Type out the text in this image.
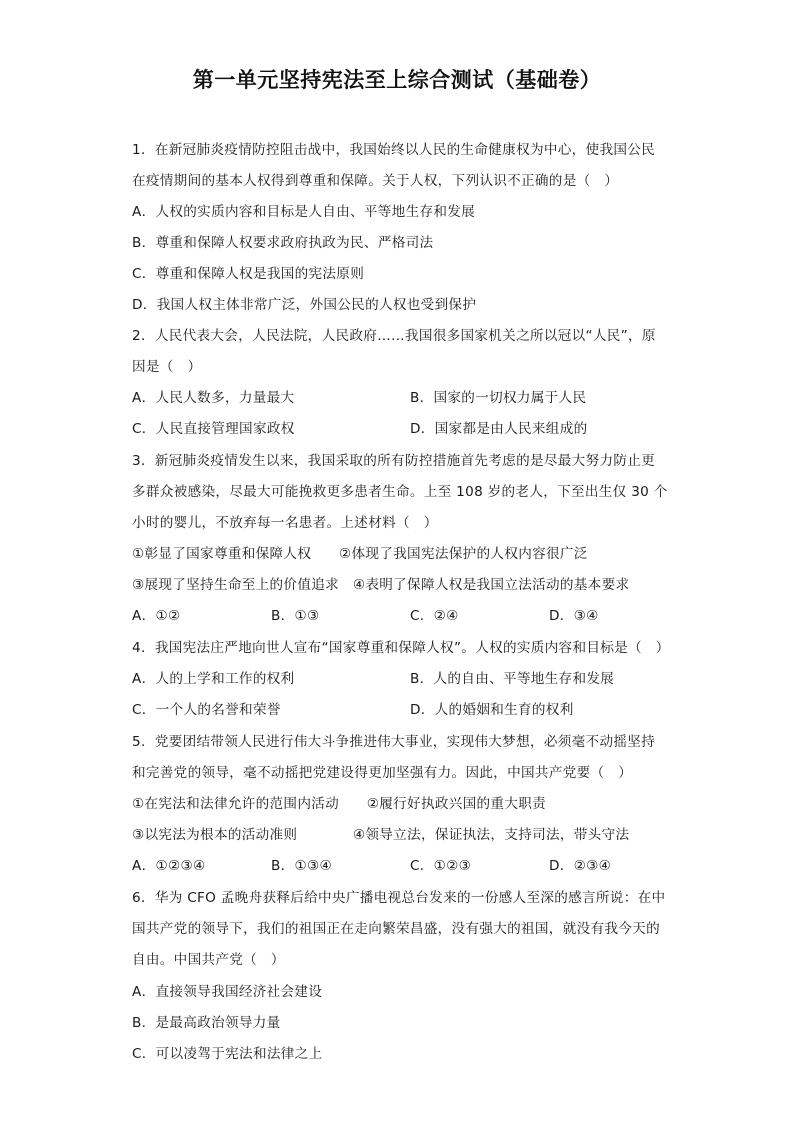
第一单元坚持宪法至上综合测试（基础卷）
1．在新冠肺炎疫情防控阻击战中，我国始终以人民的生命健康权为中心，使我国公民
在疫情期间的基本人权得到尊重和保障。关于人权，下列认识不正确的是（　）
A．人权的实质内容和目标是人自由、平等地生存和发展
B．尊重和保障人权要求政府执政为民、严格司法
C．尊重和保障人权是我国的宪法原则
D．我国人权主体非常广泛，外国公民的人权也受到保护
2．人民代表大会，人民法院，人民政府……我国很多国家机关之所以冠以“人民”，原
因是（　）
A．人民人数多，力量最大	B．国家的一切权力属于人民
C．人民直接管理国家政权	D．国家都是由人民来组成的
3．新冠肺炎疫情发生以来，我国采取的所有防控措施首先考虑的是尽最大努力防止更
多群众被感染，尽最大可能挽救更多患者生命。上至 108 岁的老人，下至出生仅 30 个
小时的婴儿，不放弃每一名患者。上述材料（　）
①彰显了国家尊重和保障人权　　②体现了我国宪法保护的人权内容很广泛
③展现了坚持生命至上的价值追求　④表明了保障人权是我国立法活动的基本要求
A．①②	B．①③	C．②④	D．③④
4．我国宪法庄严地向世人宣布“国家尊重和保障人权”。人权的实质内容和目标是（　）
A．人的上学和工作的权利	B．人的自由、平等地生存和发展
C．一个人的名誉和荣誉	D．人的婚姻和生育的权利
5．党要团结带领人民进行伟大斗争推进伟大事业，实现伟大梦想，必须毫不动摇坚持
和完善党的领导，毫不动摇把党建设得更加坚强有力。因此，中国共产党要（　）
①在宪法和法律允许的范围内活动　　②履行好执政兴国的重大职责
③以宪法为根本的活动准则　　　　④领导立法，保证执法，支持司法，带头守法
A．①②③④	B．①③④	C．①②③	D．②③④
6．华为 CFO 孟晚舟获释后给中央广播电视总台发来的一份感人至深的感言所说：在中
国共产党的领导下，我们的祖国正在走向繁荣昌盛，没有强大的祖国，就没有我今天的
自由。中国共产党（　）
A．直接领导我国经济社会建设
B．是最高政治领导力量
C．可以凌驾于宪法和法律之上
